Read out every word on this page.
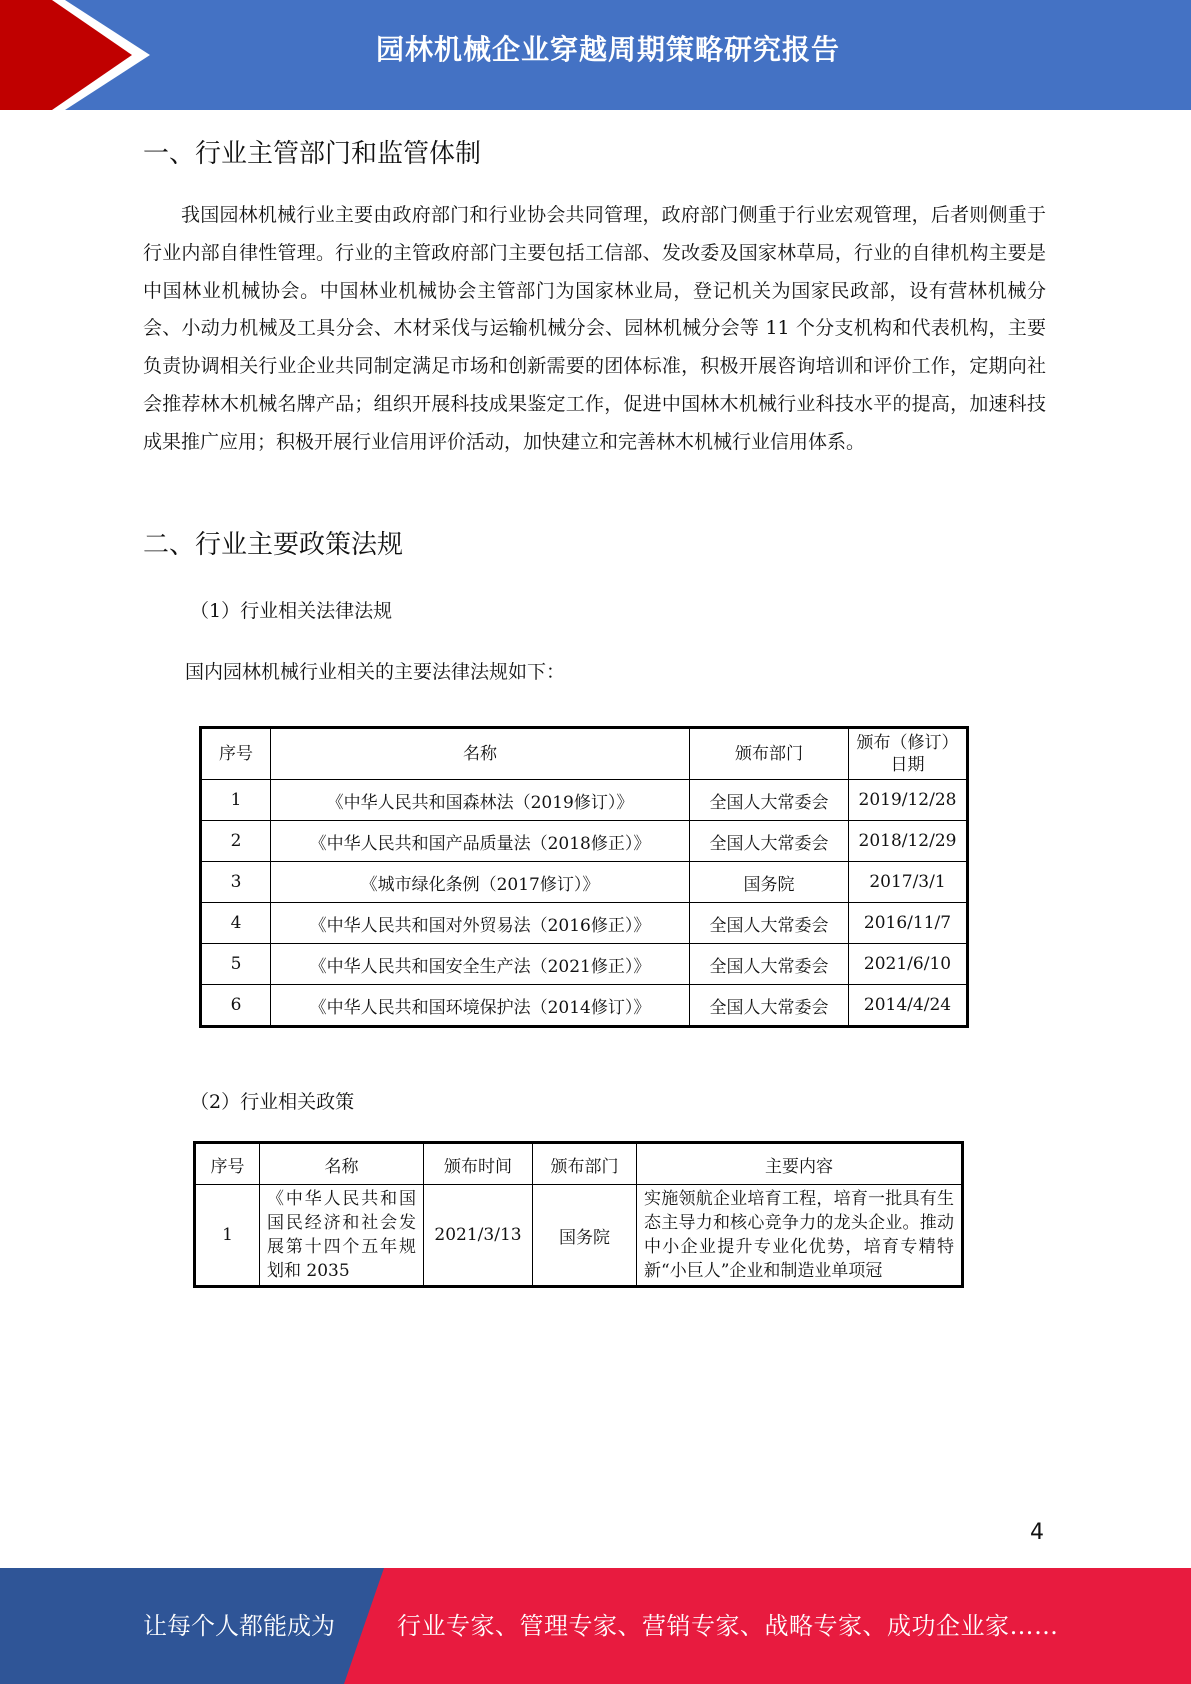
园林机械企业穿越周期策略研究报告
一、行业主管部门和监管体制

我国园林机械行业主要由政府部门和行业协会共同管理，政府部门侧重于行业宏观管理，后者则侧重于行业内部自律性管理。行业的主管政府部门主要包括工信部、发改委及国家林草局，行业的自律机构主要是中国林业机械协会。中国林业机械协会主管部门为国家林业局，登记机关为国家民政部，设有营林机械分会、小动力机械及工具分会、木材采伐与运输机械分会、园林机械分会等 11 个分支机构和代表机构，主要负责协调相关行业企业共同制定满足市场和创新需要的团体标准，积极开展咨询培训和评价工作，定期向社会推荐林木机械名牌产品；组织开展科技成果鉴定工作，促进中国林木机械行业科技水平的提高，加速科技成果推广应用；积极开展行业信用评价活动，加快建立和完善林木机械行业信用体系。

二、行业主要政策法规
（1）行业相关法律法规
国内园林机械行业相关的主要法律法规如下：
序号	名称	颁布部门	颁布（修订）日期
1	《中华人民共和国森林法（2019修订）》	全国人大常委会	2019/12/28
2	《中华人民共和国产品质量法（2018修正）》	全国人大常委会	2018/12/29
3	《城市绿化条例（2017修订）》	国务院	2017/3/1
4	《中华人民共和国对外贸易法（2016修正）》	全国人大常委会	2016/11/7
5	《中华人民共和国安全生产法（2021修正）》	全国人大常委会	2021/6/10
6	《中华人民共和国环境保护法（2014修订）》	全国人大常委会	2014/4/24
（2）行业相关政策
序号	名称	颁布时间	颁布部门	主要内容
1	《中华人民共和国国民经济和社会发展第十四个五年规划和 2035	2021/3/13	国务院	实施领航企业培育工程，培育一批具有生态主导力和核心竞争力的龙头企业。推动中小企业提升专业化优势，培育专精特新“小巨人”企业和制造业单项冠
4
让每个人都能成为	行业专家、管理专家、营销专家、战略专家、成功企业家……
